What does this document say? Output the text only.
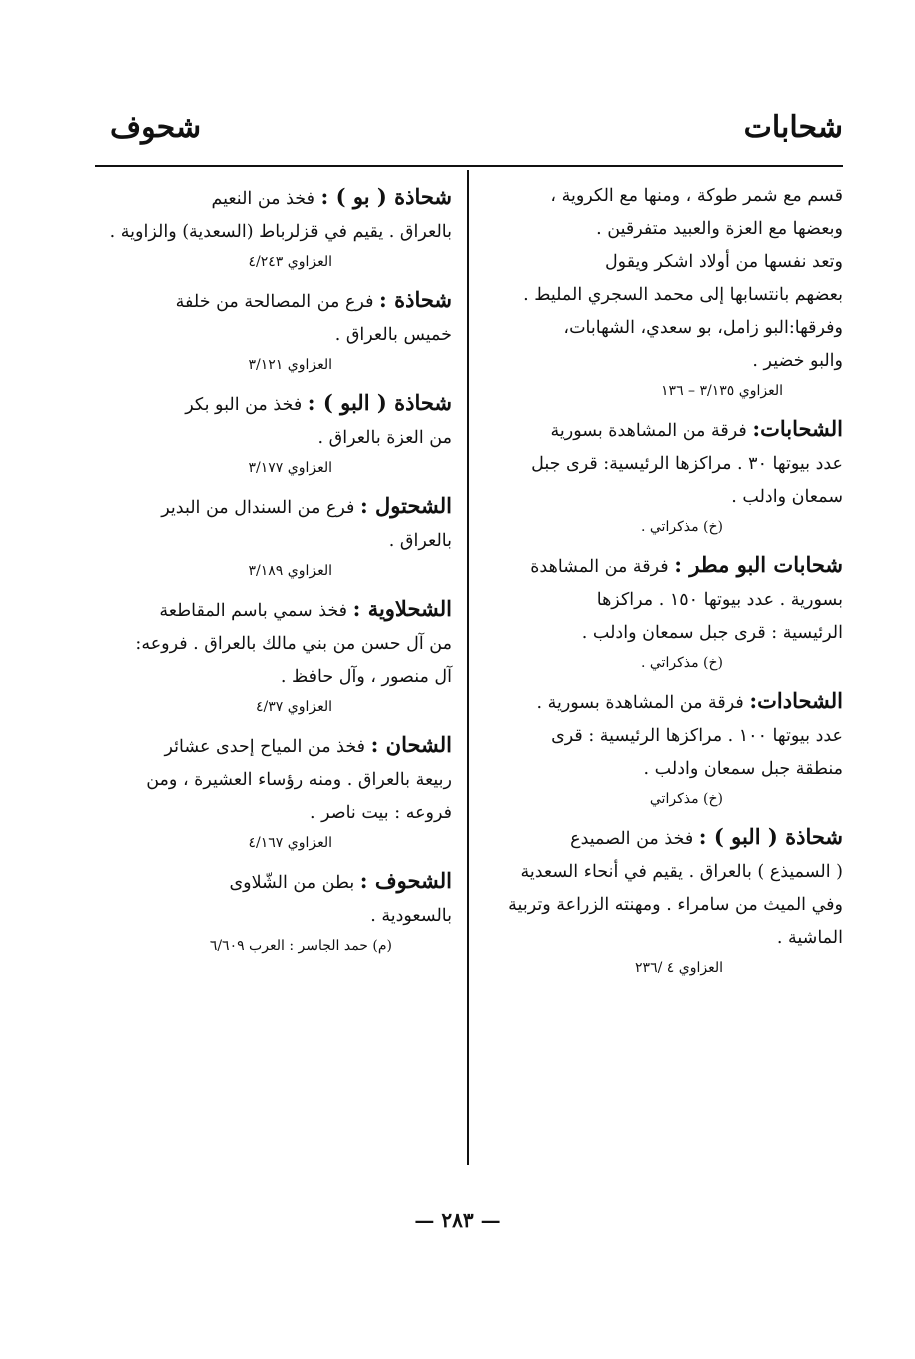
شحابات
شحوف

قسم مع شمر طوكة ، ومنها مع الكروية ،

وبعضها مع العزة والعبيد متفرقين .

وتعد نفسها من أولاد اشكر ويقول

بعضهم بانتسابها إلى محمد السجري المليط .

وفرقها:البو زامل، بو سعدي، الشهابات،

والبو خضير .

العزاوي ٣/١٣٥ – ١٣٦

الشحابات: فرقة من المشاهدة بسورية

عدد بيوتها ٣٠ . مراكزها الرئيسية: قرى جبل

سمعان وادلب .

(خ) مذكراتي .

شحابات البو مطر : فرقة من المشاهدة

بسورية . عدد بيوتها ١٥٠ . مراكزها

الرئيسية : قرى جبل سمعان وادلب .

(خ) مذكراتي .

الشحادات: فرقة من المشاهدة بسورية .

عدد بيوتها ١٠٠ . مراكزها الرئيسية : قرى

منطقة جبل سمعان وادلب .

(خ) مذكراتي

شحاذة ( البو ) : فخذ من الصميدع

( السميذع ) بالعراق . يقيم في أنحاء السعدية

وفي الميث من سامراء . ومهنته الزراعة وتربية

الماشية .

العزاوي ٤ /٢٣٦

شحاذة ( بو ) : فخذ من النعيم

بالعراق . يقيم في قزلرباط (السعدية) والزاوية .

العزاوي ٤/٢٤٣

شحاذة : فرع من المصالحة من خلفة

خميس بالعراق .

العزاوي ٣/١٢١

شحاذة ( البو ) : فخذ من البو بكر

من العزة بالعراق .

العزاوي ٣/١٧٧

الشحتول : فرع من السندال من البدير

بالعراق .

العزاوي ٣/١٨٩

الشحلاوية : فخذ سمي باسم المقاطعة

من آل حسن من بني مالك بالعراق . فروعه:

آل منصور ، وآل حافظ .

العزاوي ٤/٣٧

الشحان : فخذ من المياح إحدى عشائر

ربيعة بالعراق . ومنه رؤساء العشيرة ، ومن

فروعه : بيت ناصر .

العزاوي ٤/١٦٧

الشحوف : بطن من الشّلاوى

بالسعودية .

(م) حمد الجاسر : العرب ٦/٦٠٩

— ٢٨٣ —
